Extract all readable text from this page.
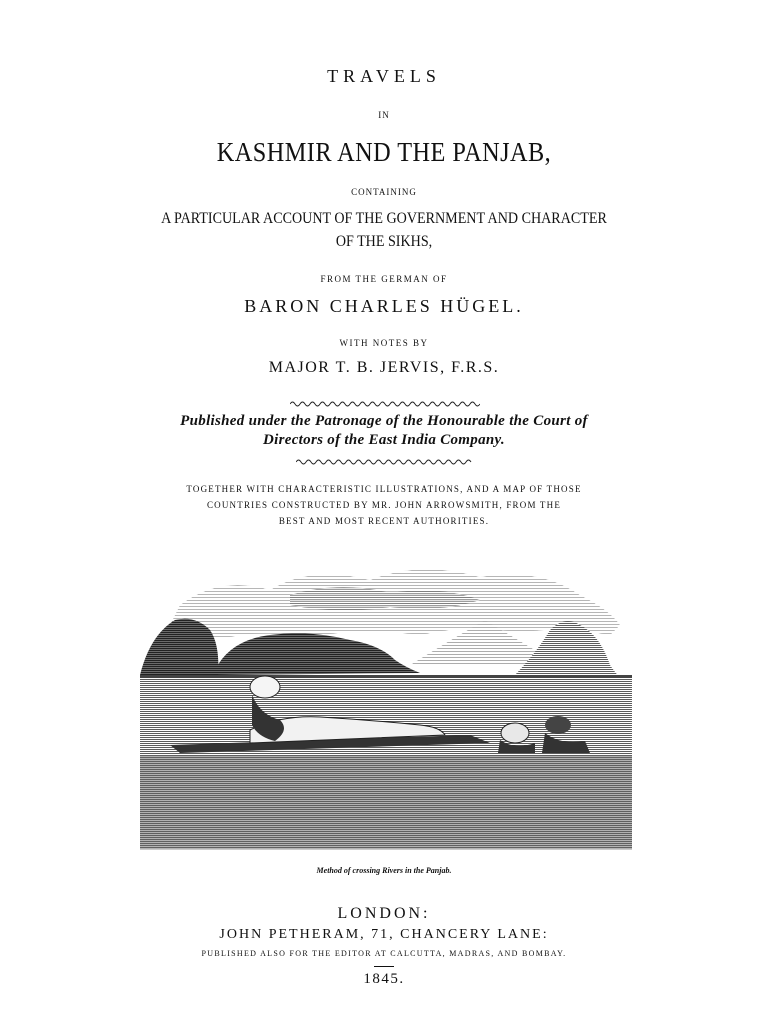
TRAVELS
IN
KASHMIR AND THE PANJAB,
CONTAINING
A PARTICULAR ACCOUNT OF THE GOVERNMENT AND CHARACTER
OF THE SIKHS,
FROM THE GERMAN OF
BARON CHARLES HÜGEL.
WITH NOTES BY
MAJOR T. B. JERVIS, F.R.S.
Published under the Patronage of the Honourable the Court of
Directors of the East India Company.
TOGETHER WITH CHARACTERISTIC ILLUSTRATIONS, AND A MAP OF THOSE
COUNTRIES CONSTRUCTED BY MR. JOHN ARROWSMITH, FROM THE
BEST AND MOST RECENT AUTHORITIES.
Method of crossing Rivers in the Panjab.
LONDON:
JOHN PETHERAM, 71, CHANCERY LANE:
PUBLISHED ALSO FOR THE EDITOR AT CALCUTTA, MADRAS, AND BOMBAY.
1845.
